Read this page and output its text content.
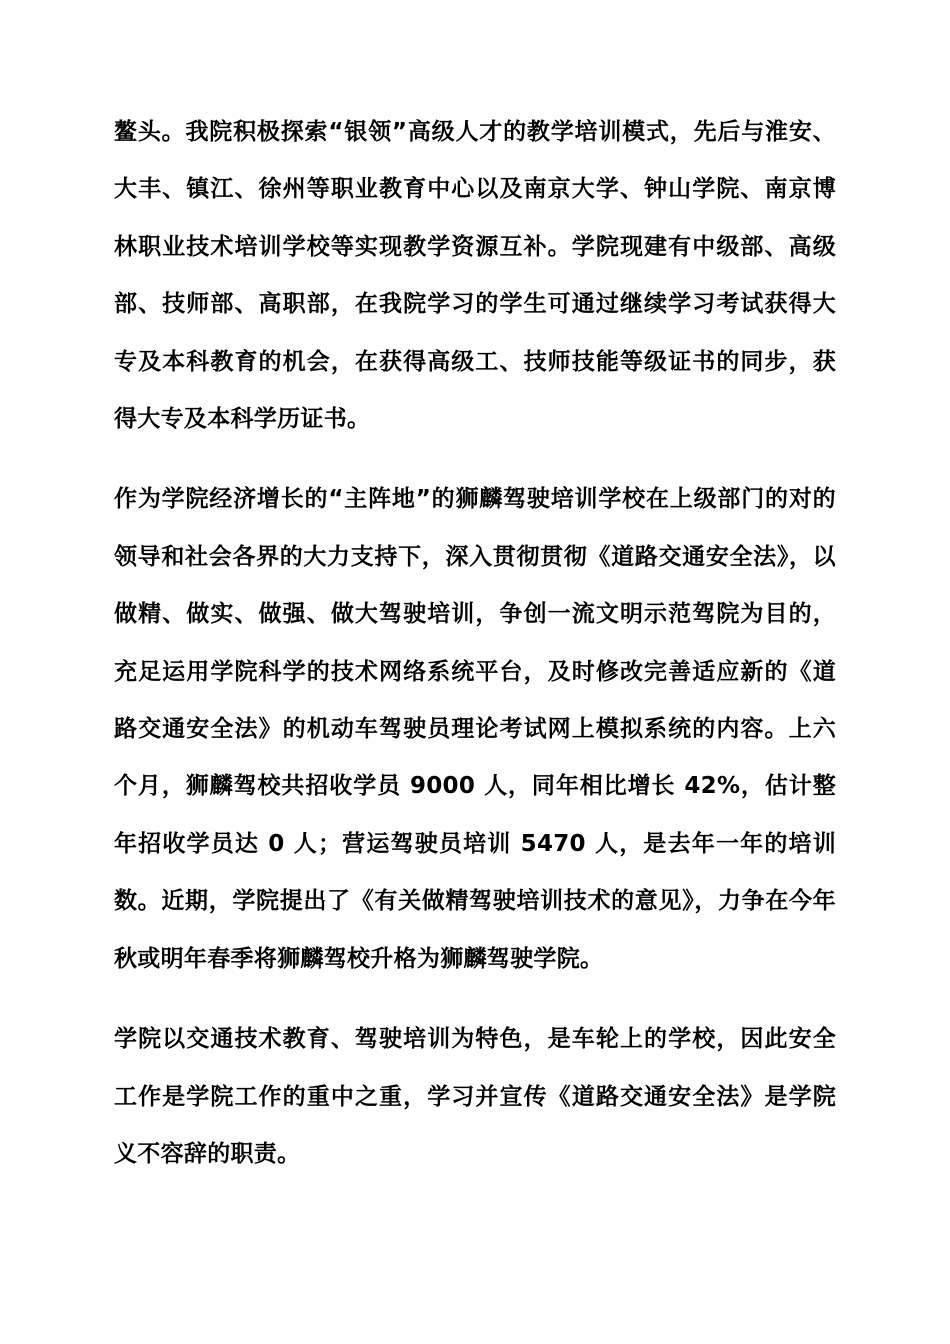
鳌头。我院积极探索“银领”高级人才的教学培训模式，先后与淮安、大丰、镇江、徐州等职业教育中心以及南京大学、钟山学院、南京博林职业技术培训学校等实现教学资源互补。学院现建有中级部、高级部、技师部、高职部，在我院学习的学生可通过继续学习考试获得大专及本科教育的机会，在获得高级工、技师技能等级证书的同步，获得大专及本科学历证书。

作为学院经济增长的“主阵地”的狮麟驾驶培训学校在上级部门的对的领导和社会各界的大力支持下，深入贯彻贯彻《道路交通安全法》，以做精、做实、做强、做大驾驶培训，争创一流文明示范驾院为目的，充足运用学院科学的技术网络系统平台，及时修改完善适应新的《道路交通安全法》的机动车驾驶员理论考试网上模拟系统的内容。上六个月，狮麟驾校共招收学员 9000 人，同年相比增长 42%，估计整年招收学员达 0 人；营运驾驶员培训 5470 人，是去年一年的培训数。近期，学院提出了《有关做精驾驶培训技术的意见》，力争在今年秋或明年春季将狮麟驾校升格为狮麟驾驶学院。

学院以交通技术教育、驾驶培训为特色，是车轮上的学校，因此安全工作是学院工作的重中之重，学习并宣传《道路交通安全法》是学院义不容辞的职责。
